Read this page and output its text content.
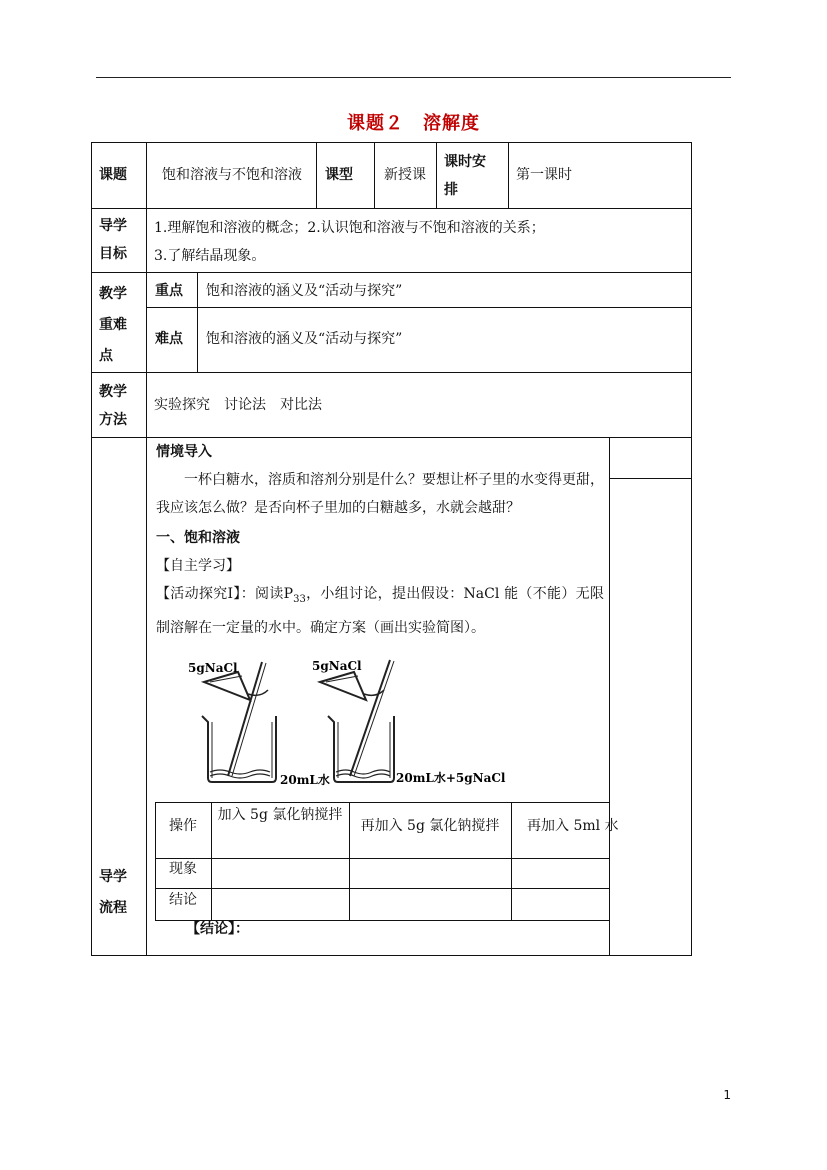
课题２　溶解度
课题	饱和溶液与不饱和溶液 课型 新授课
课时安
排
第一课时
导学
目标
1.理解饱和溶液的概念；2.认识饱和溶液与不饱和溶液的关系；
3.了解结晶现象。
教学
重难
点
重点 饱和溶液的涵义及“活动与探究”
难点 饱和溶液的涵义及“活动与探究”
教学
方法
实验探究　讨论法　对比法
导学
流程
情境导入
一杯白糖水，溶质和溶剂分别是什么？要想让杯子里的水变得更甜，我应该怎么做？是否向杯子里加的白糖越多，水就会越甜？
一、饱和溶液
【自主学习】
【活动探究Ⅰ】：阅读$P_{33}$，小组讨论，提出假设：NaCl 能（不能）无限制溶解在一定量的水中。确定方案（画出实验简图）。
5gNaCl
20mL水
5gNaCl
20mL水+5gNaCl
操作
加入 5g 氯化钠搅拌
再加入 5g 氯化钠搅拌	再加入 5ml 水
现象
结论
【结论】：
1
